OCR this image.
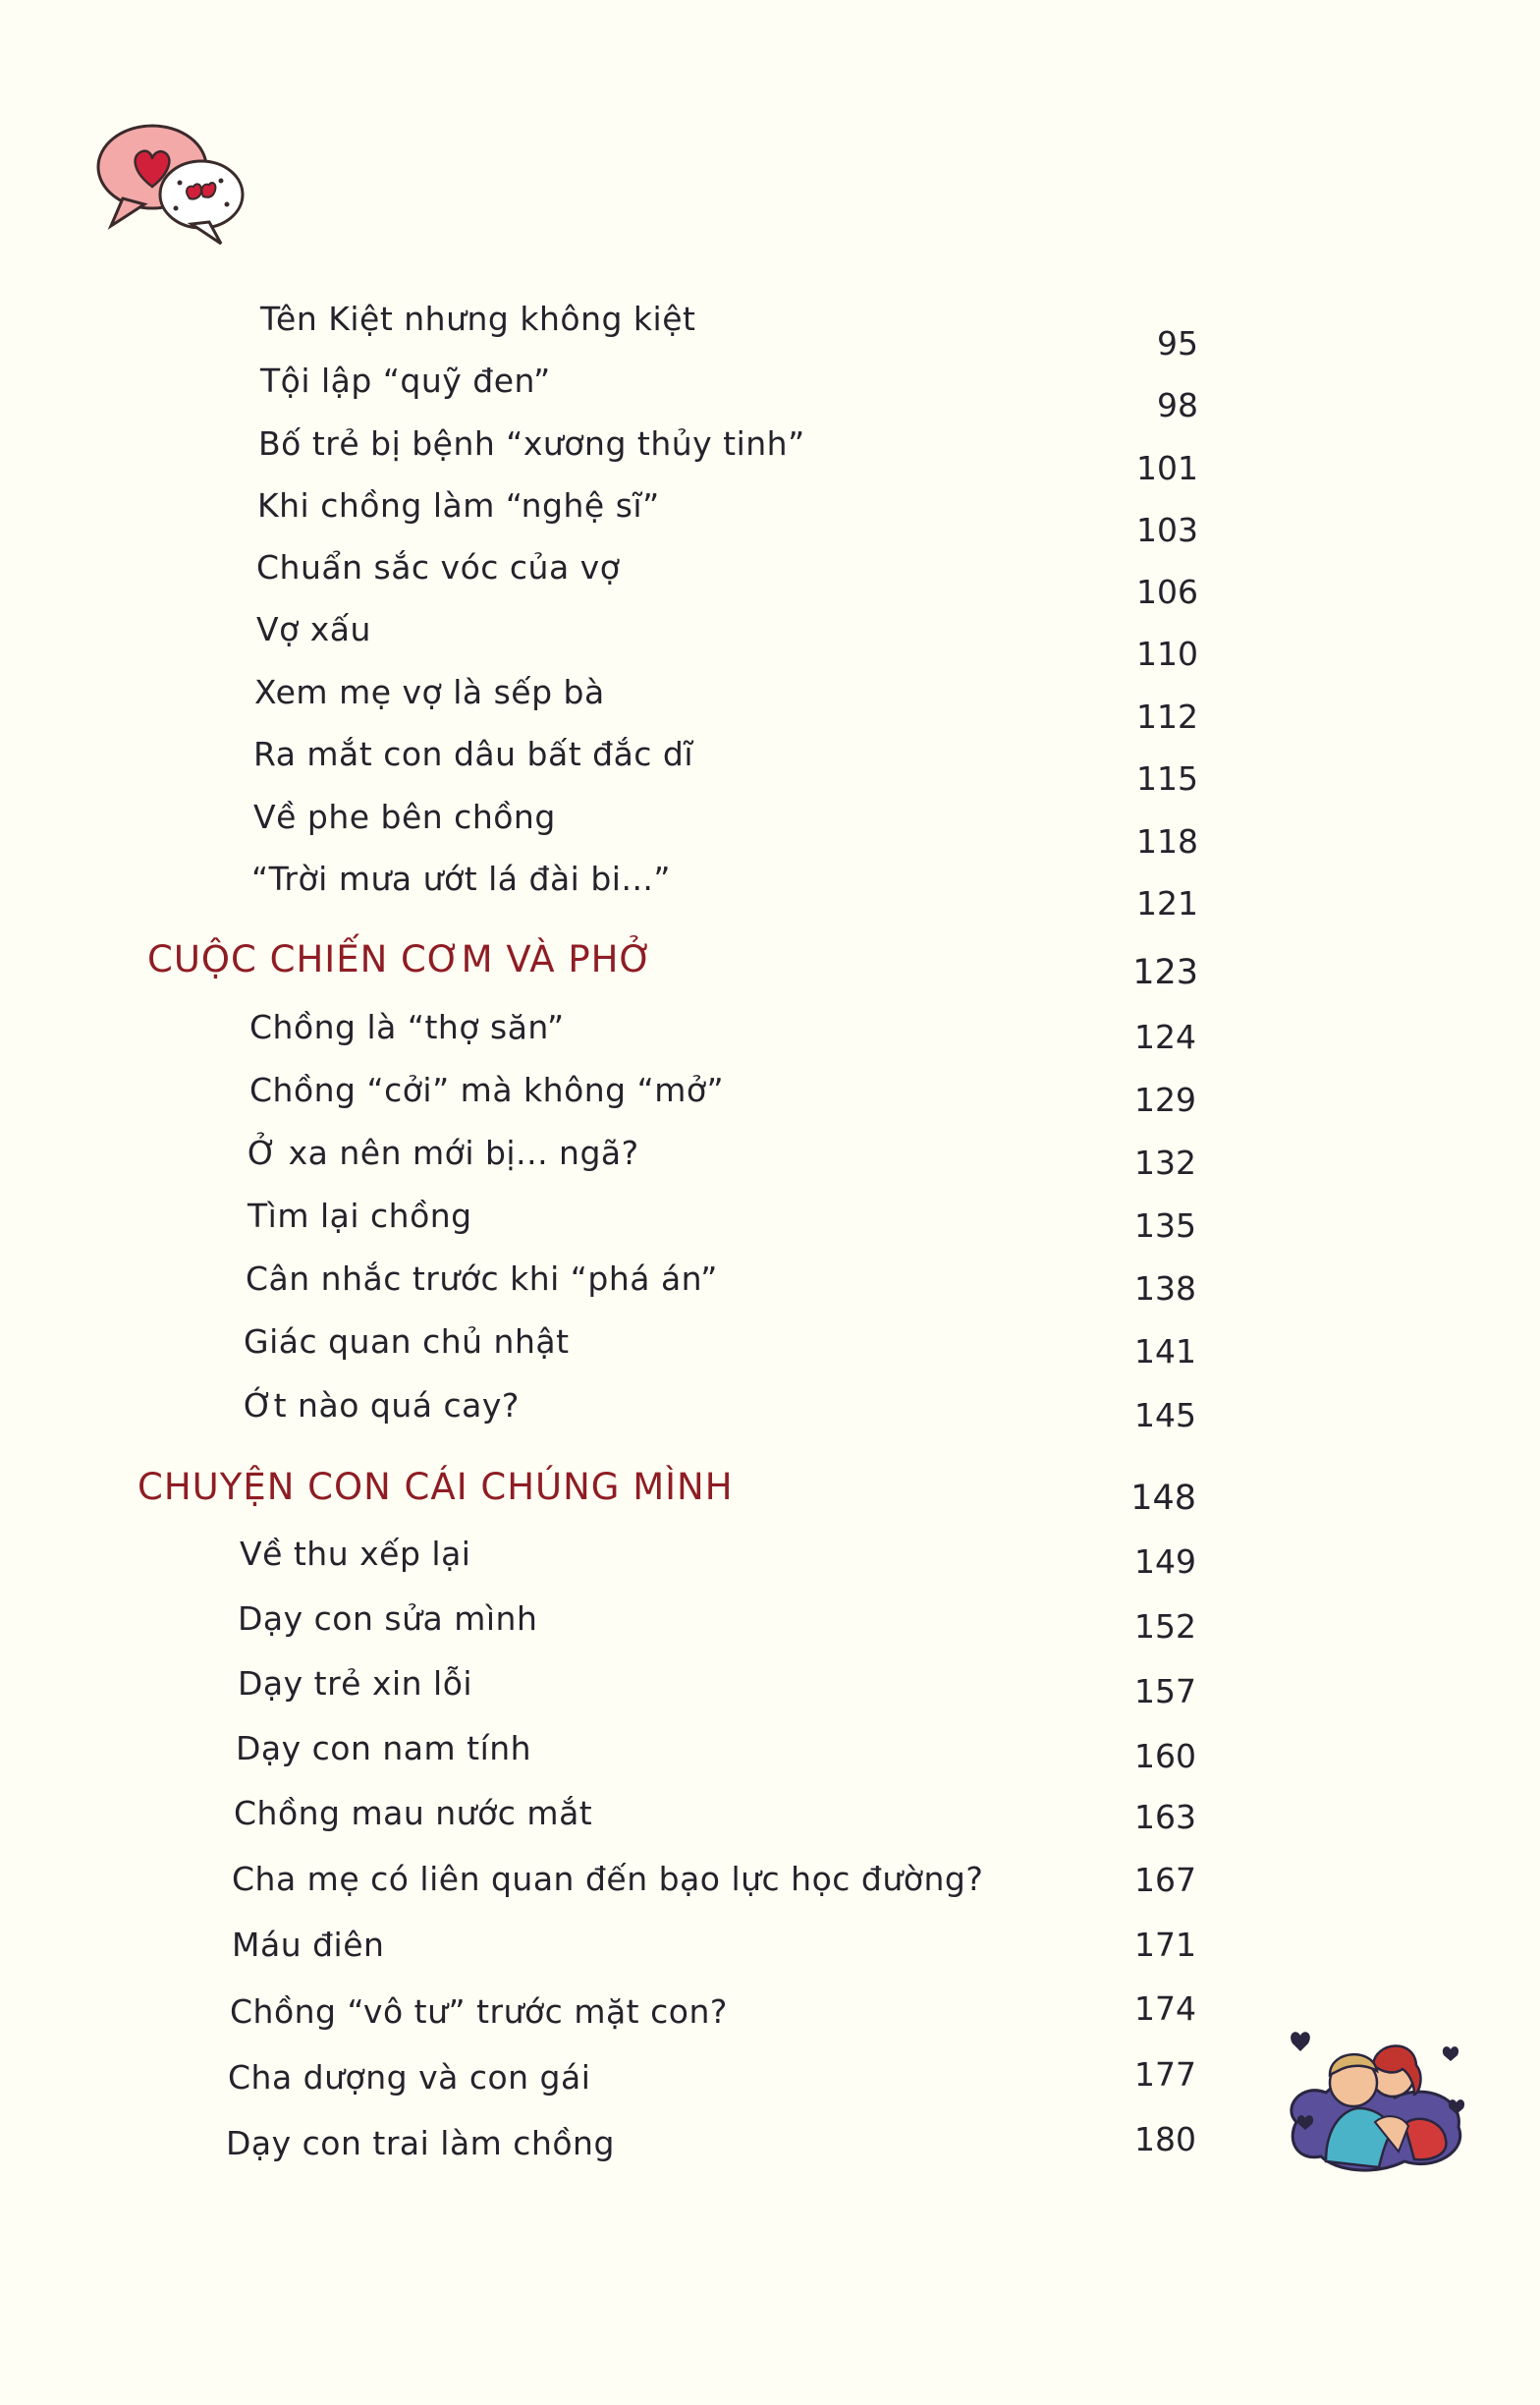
Tên Kiệt nhưng không kiệt
95
Tội lập “quỹ đen”
98
Bố trẻ bị bệnh “xương thủy tinh”
101
Khi chồng làm “nghệ sĩ”
103
Chuẩn sắc vóc của vợ
106
Vợ xấu
110
Xem mẹ vợ là sếp bà
112
Ra mắt con dâu bất đắc dĩ
115
Về phe bên chồng
118
“Trời mưa ướt lá đài bi...”
121
CUỘC CHIẾN CƠM VÀ PHỞ	123
Chồng là “thợ săn”	124
Chồng “cởi” mà không “mở”	129
Ở xa nên mới bị... ngã?	132
Tìm lại chồng	135
Cân nhắc trước khi “phá án”	138
Giác quan chủ nhật	141
Ớt nào quá cay?	145
CHUYỆN CON CÁI CHÚNG MÌNH	148
Về thu xếp lại	149
Dạy con sửa mình	152
Dạy trẻ xin lỗi	157
Dạy con nam tính	160
Chồng mau nước mắt	163
Cha mẹ có liên quan đến bạo lực học đường?	167
Máu điên	171
Chồng “vô tư” trước mặt con?	174
Cha dượng và con gái	177
Dạy con trai làm chồng	180
